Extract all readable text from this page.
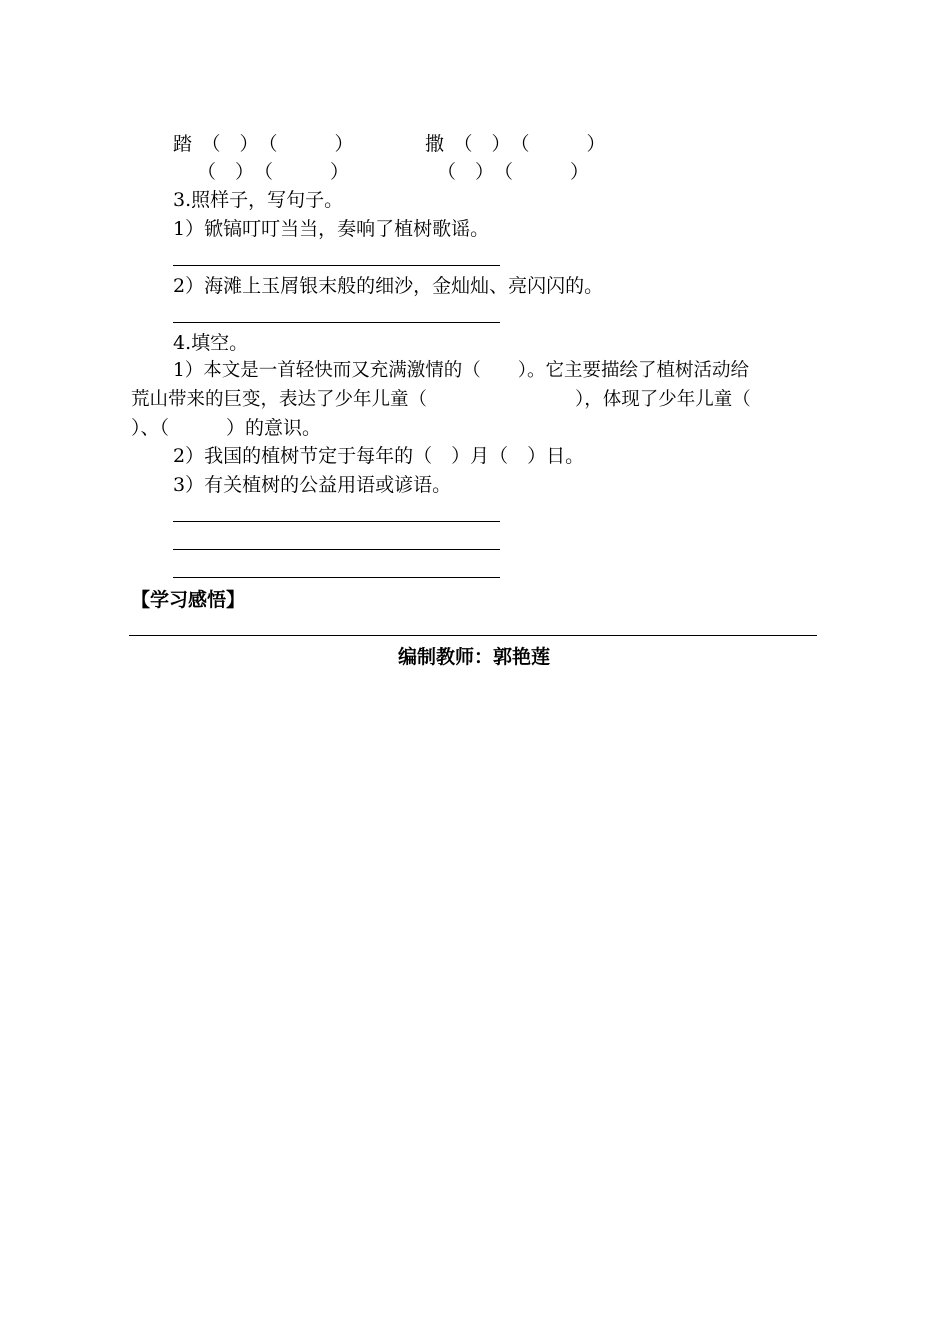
踏　（　）　（　　　）	撒　（　）　（　　　）
（　）　（　　　）	（　）　（　　　）
3.照样子，写句子。
1）锨镐叮叮当当，奏响了植树歌谣。
2）海滩上玉屑银末般的细沙，金灿灿、亮闪闪的。
4.填空。
1）本文是一首轻快而又充满激情的（　　）。它主要描绘了植树活动给
荒山带来的巨变，表达了少年儿童（　　　　　　　　），体现了少年儿童（
）、（　　　）的意识。
2）我国的植树节定于每年的（　）月（　）日。
3）有关植树的公益用语或谚语。
【学习感悟】
编制教师：郭艳莲
